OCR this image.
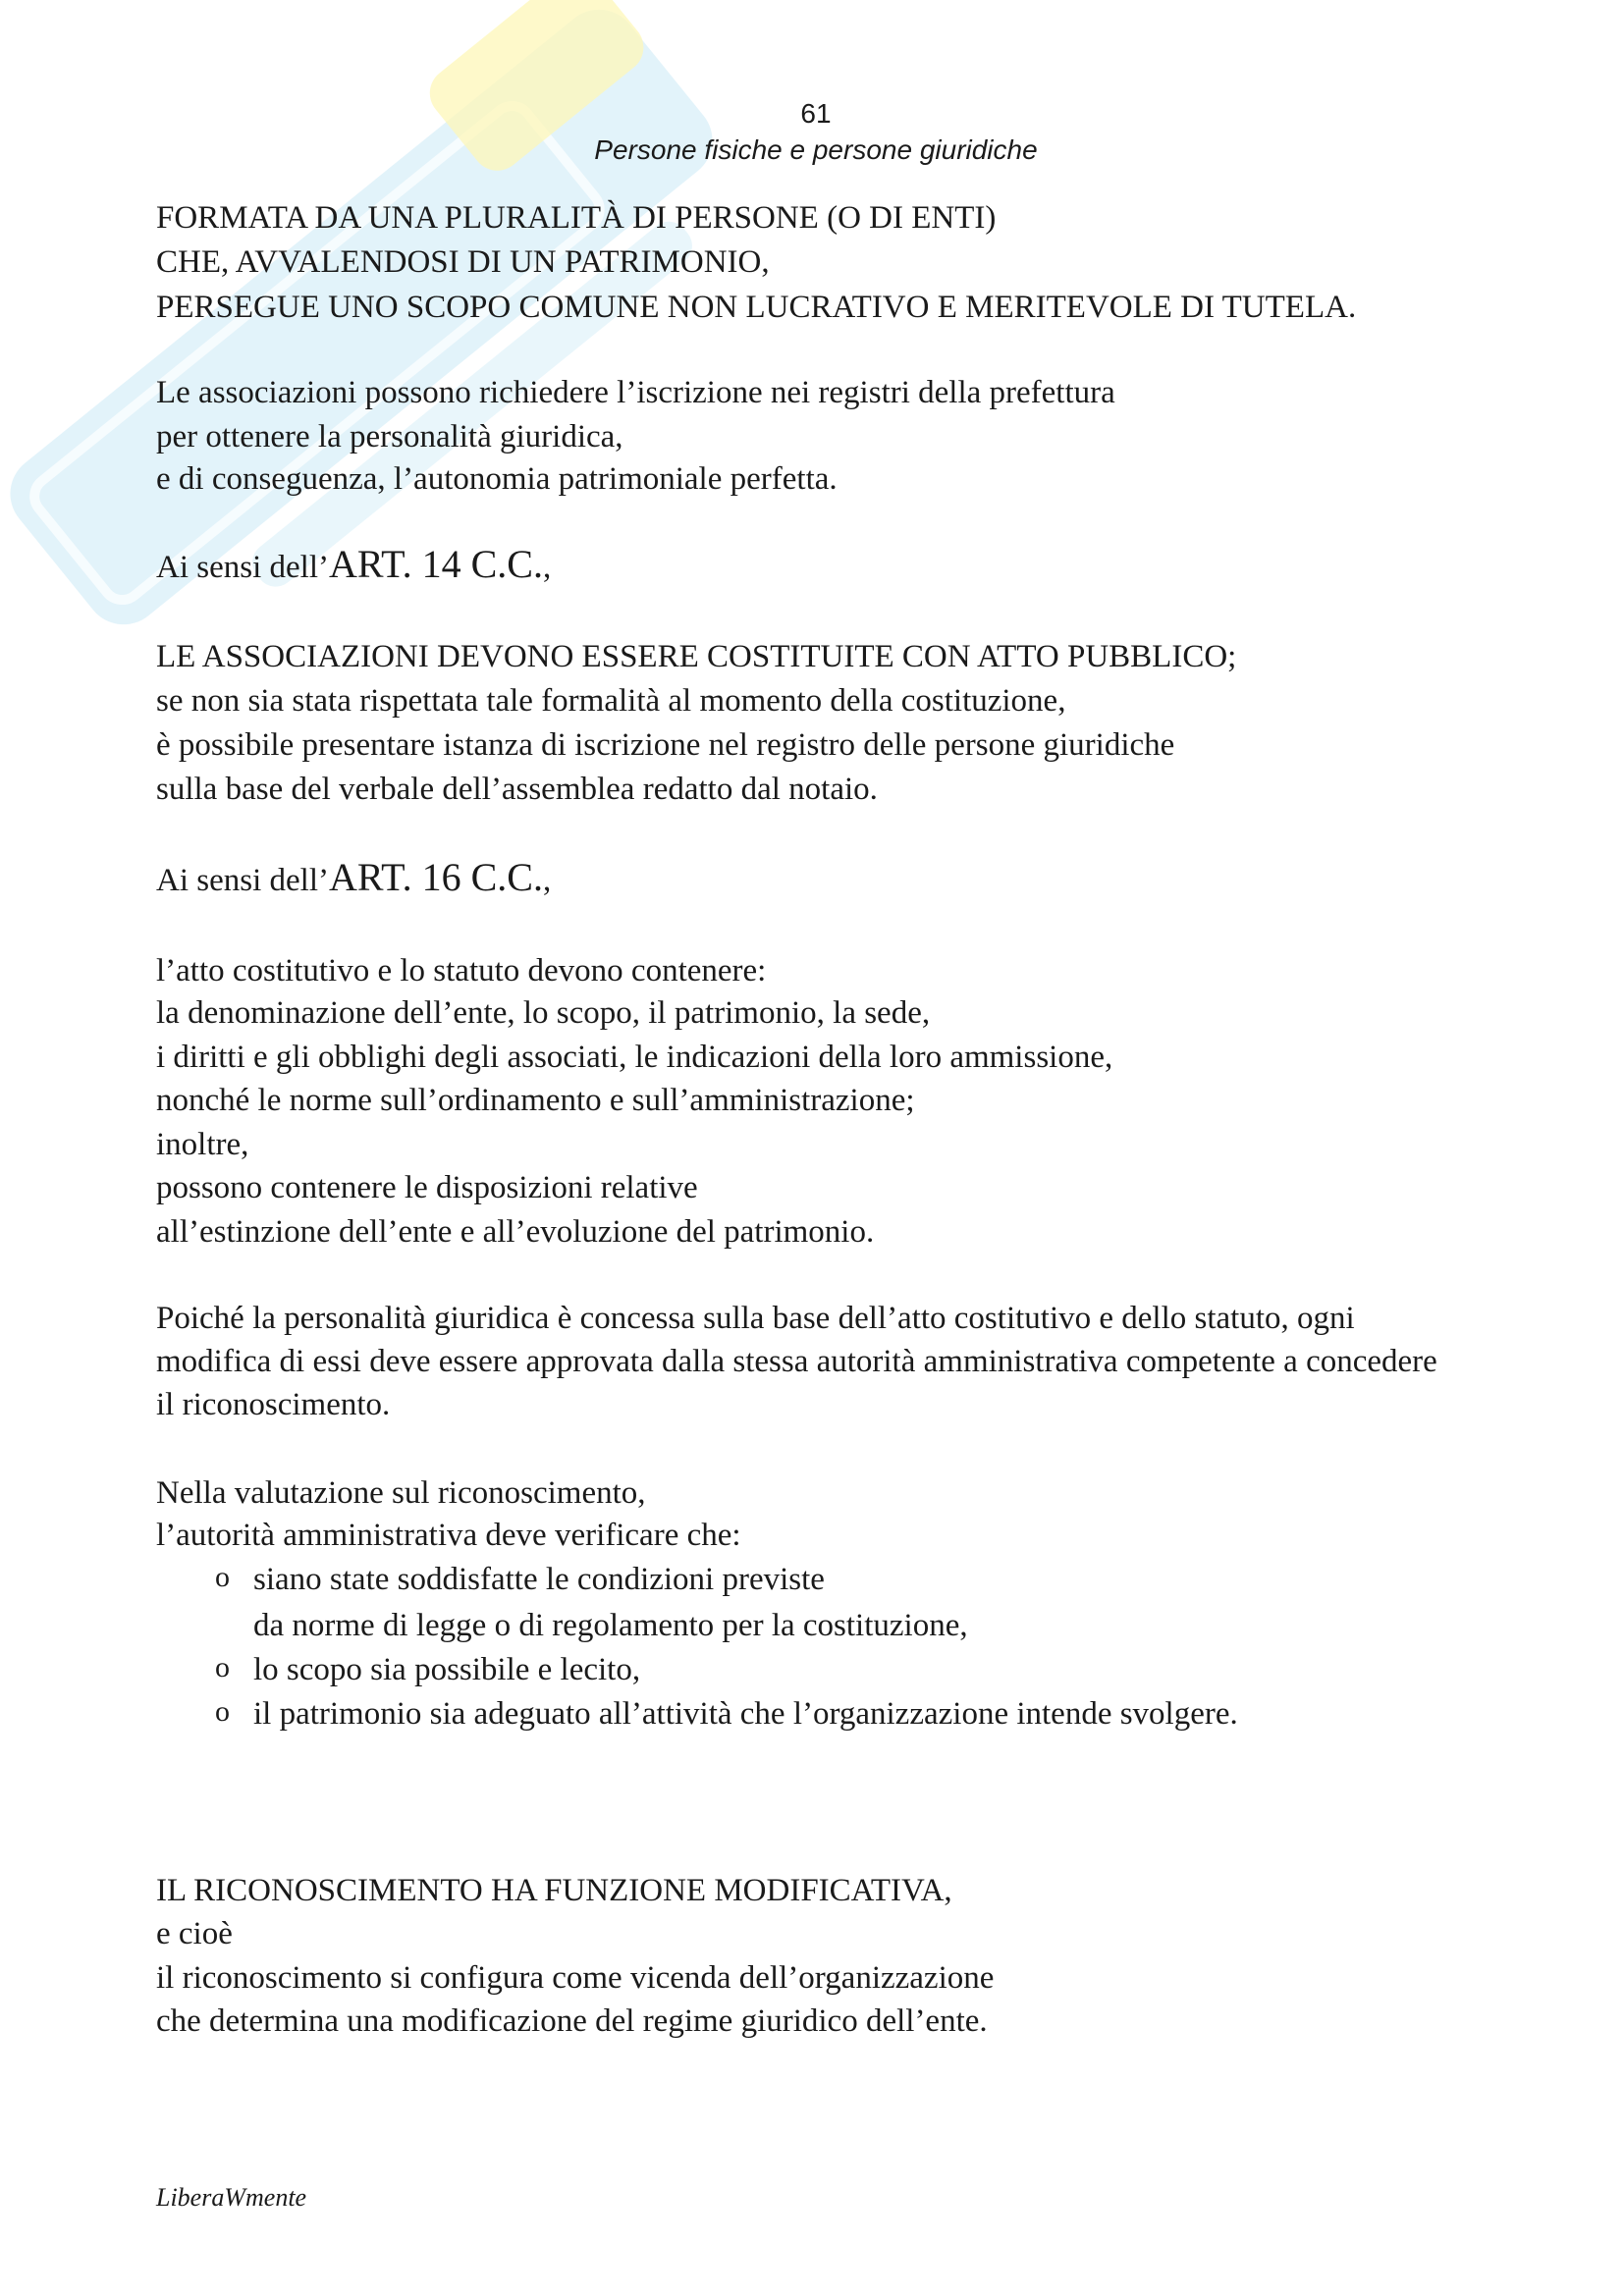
61
Persone fisiche e persone giuridiche
FORMATA DA UNA PLURALITÀ DI PERSONE (O DI ENTI)
CHE, AVVALENDOSI DI UN PATRIMONIO,
PERSEGUE UNO SCOPO COMUNE NON LUCRATIVO E MERITEVOLE DI TUTELA.
Le associazioni possono richiedere l’iscrizione nei registri della prefettura
per ottenere la personalità giuridica,
e di conseguenza, l’autonomia patrimoniale perfetta.
Ai sensi dell’ART. 14 C.C.,
LE ASSOCIAZIONI DEVONO ESSERE COSTITUITE CON ATTO PUBBLICO;
se non sia stata rispettata tale formalità al momento della costituzione,
è possibile presentare istanza di iscrizione nel registro delle persone giuridiche
sulla base del verbale dell’assemblea redatto dal notaio.
Ai sensi dell’ART. 16 C.C.,
l’atto costitutivo e lo statuto devono contenere:
la denominazione dell’ente, lo scopo, il patrimonio, la sede,
i diritti e gli obblighi degli associati, le indicazioni della loro ammissione,
nonché le norme sull’ordinamento e sull’amministrazione;
inoltre,
possono contenere le disposizioni relative
all’estinzione dell’ente e all’evoluzione del patrimonio.
Poiché la personalità giuridica è concessa sulla base dell’atto costitutivo e dello statuto, ogni
modifica di essi deve essere approvata dalla stessa autorità amministrativa competente a concedere
il riconoscimento.
Nella valutazione sul riconoscimento,
l’autorità amministrativa deve verificare che:
o siano state soddisfatte le condizioni previste
da norme di legge o di regolamento per la costituzione,
o lo scopo sia possibile e lecito,
o il patrimonio sia adeguato all’attività che l’organizzazione intende svolgere.
IL RICONOSCIMENTO HA FUNZIONE MODIFICATIVA,
e cioè
il riconoscimento si configura come vicenda dell’organizzazione
che determina una modificazione del regime giuridico dell’ente.
LiberaWmente
